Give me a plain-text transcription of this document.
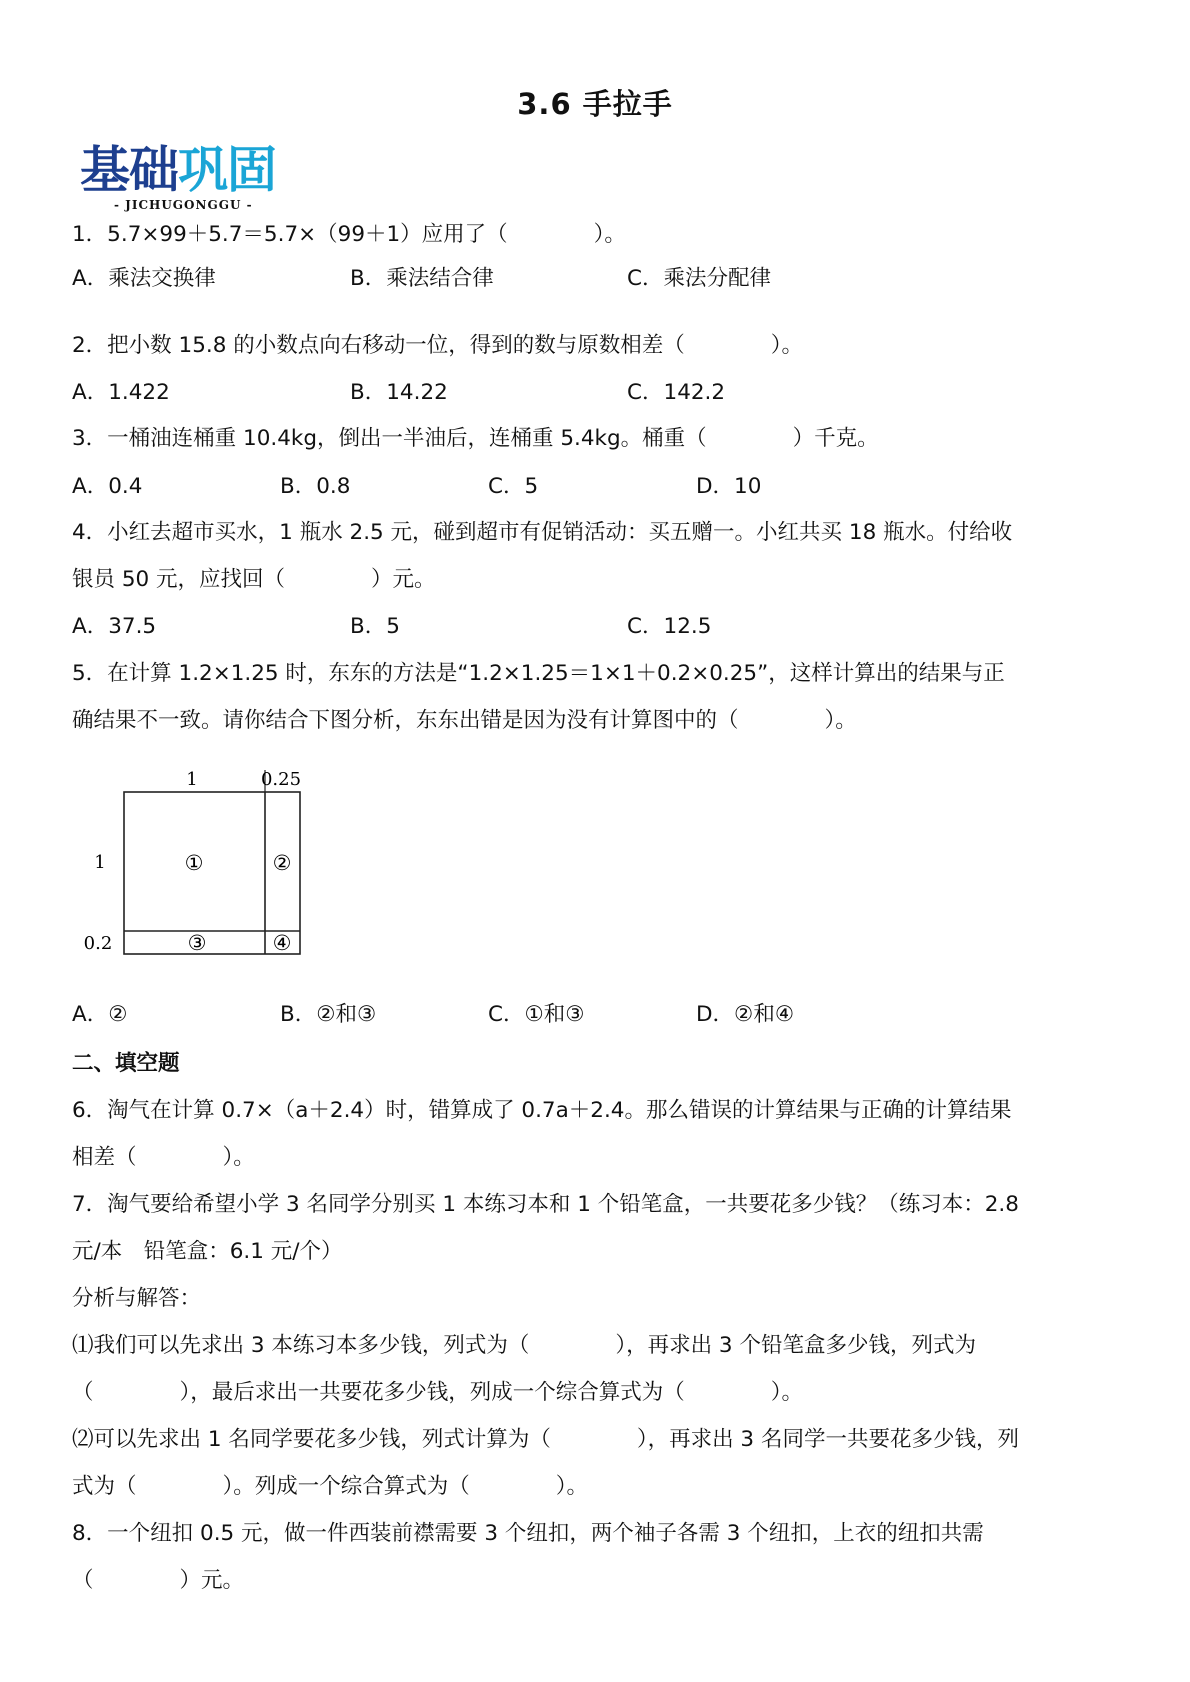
3.6 手拉手
基础巩固
- JICHUGONGGU -
1．5.7×99＋5.7＝5.7×（99＋1）应用了（　　　　）。
A．乘法交换律	B．乘法结合律	C．乘法分配律
2．把小数 15.8 的小数点向右移动一位，得到的数与原数相差（　　　　）。
A．1.422	B．14.22	C．142.2
3．一桶油连桶重 10.4kg，倒出一半油后，连桶重 5.4kg。桶重（　　　　）千克。
A．0.4	B．0.8	C．5	D．10
4．小红去超市买水，1 瓶水 2.5 元，碰到超市有促销活动：买五赠一。小红共买 18 瓶水。付给收
银员 50 元，应找回（　　　　）元。
A．37.5	B．5	C．12.5
5．在计算 1.2×1.25 时，东东的方法是“1.2×1.25＝1×1＋0.2×0.25”，这样计算出的结果与正
确结果不一致。请你结合下图分析，东东出错是因为没有计算图中的（　　　　）。
1	0.25
1
0.2
①	②
③	④
A．②	B．②和③	C．①和③	D．②和④
二、填空题
6．淘气在计算 0.7×（a＋2.4）时，错算成了 0.7a＋2.4。那么错误的计算结果与正确的计算结果
相差（　　　　）。
7．淘气要给希望小学 3 名同学分别买 1 本练习本和 1 个铅笔盒，一共要花多少钱？（练习本：2.8
元/本　铅笔盒：6.1 元/个）
分析与解答：
⑴我们可以先求出 3 本练习本多少钱，列式为（　　　　），再求出 3 个铅笔盒多少钱，列式为
（　　　　），最后求出一共要花多少钱，列成一个综合算式为（　　　　）。
⑵可以先求出 1 名同学要花多少钱，列式计算为（　　　　），再求出 3 名同学一共要花多少钱，列
式为（　　　　）。列成一个综合算式为（　　　　）。
8．一个纽扣 0.5 元，做一件西装前襟需要 3 个纽扣，两个袖子各需 3 个纽扣，上衣的纽扣共需
（　　　　）元。
